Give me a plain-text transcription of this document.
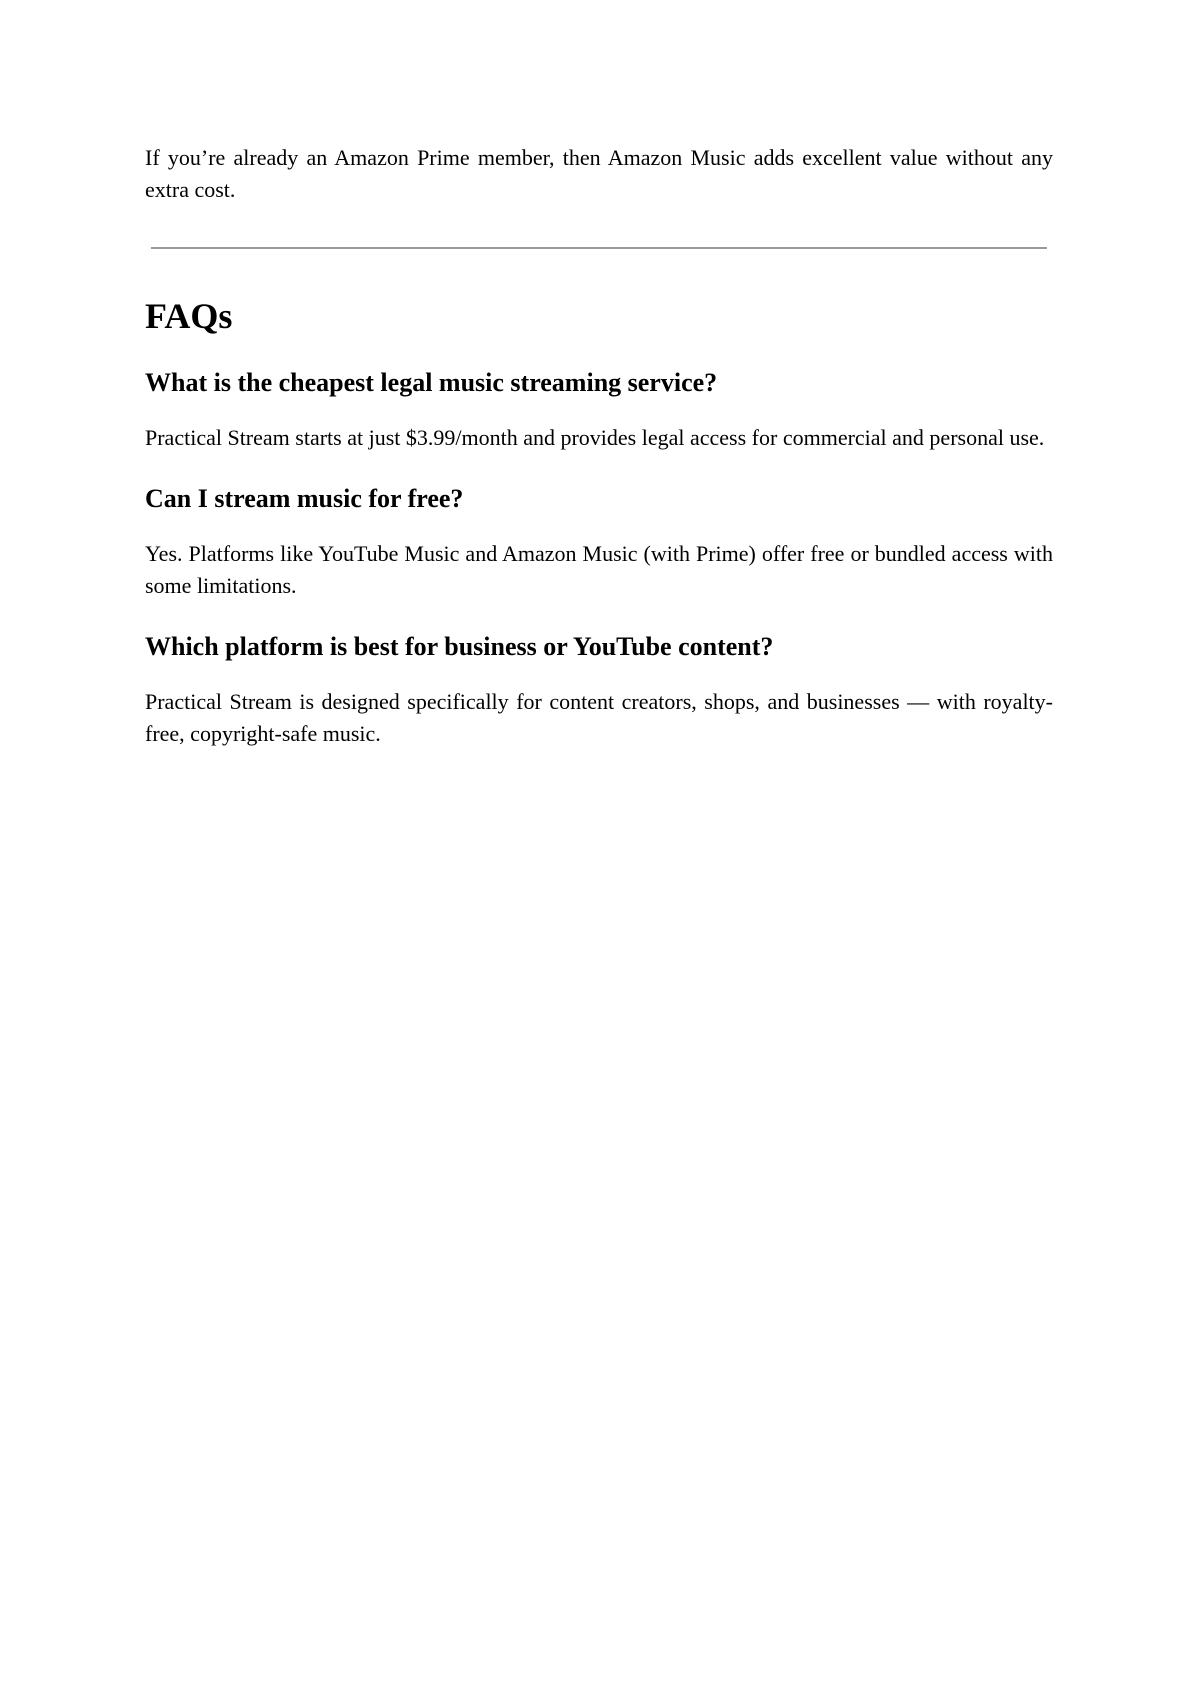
If you’re already an Amazon Prime member, then Amazon Music adds excellent value without any extra cost.

FAQs
What is the cheapest legal music streaming service?

Practical Stream starts at just $3.99/month and provides legal access for commercial and personal use.

Can I stream music for free?

Yes. Platforms like YouTube Music and Amazon Music (with Prime) offer free or bundled access with some limitations.

Which platform is best for business or YouTube content?

Practical Stream is designed specifically for content creators, shops, and businesses — with royalty-free, copyright-safe music.
